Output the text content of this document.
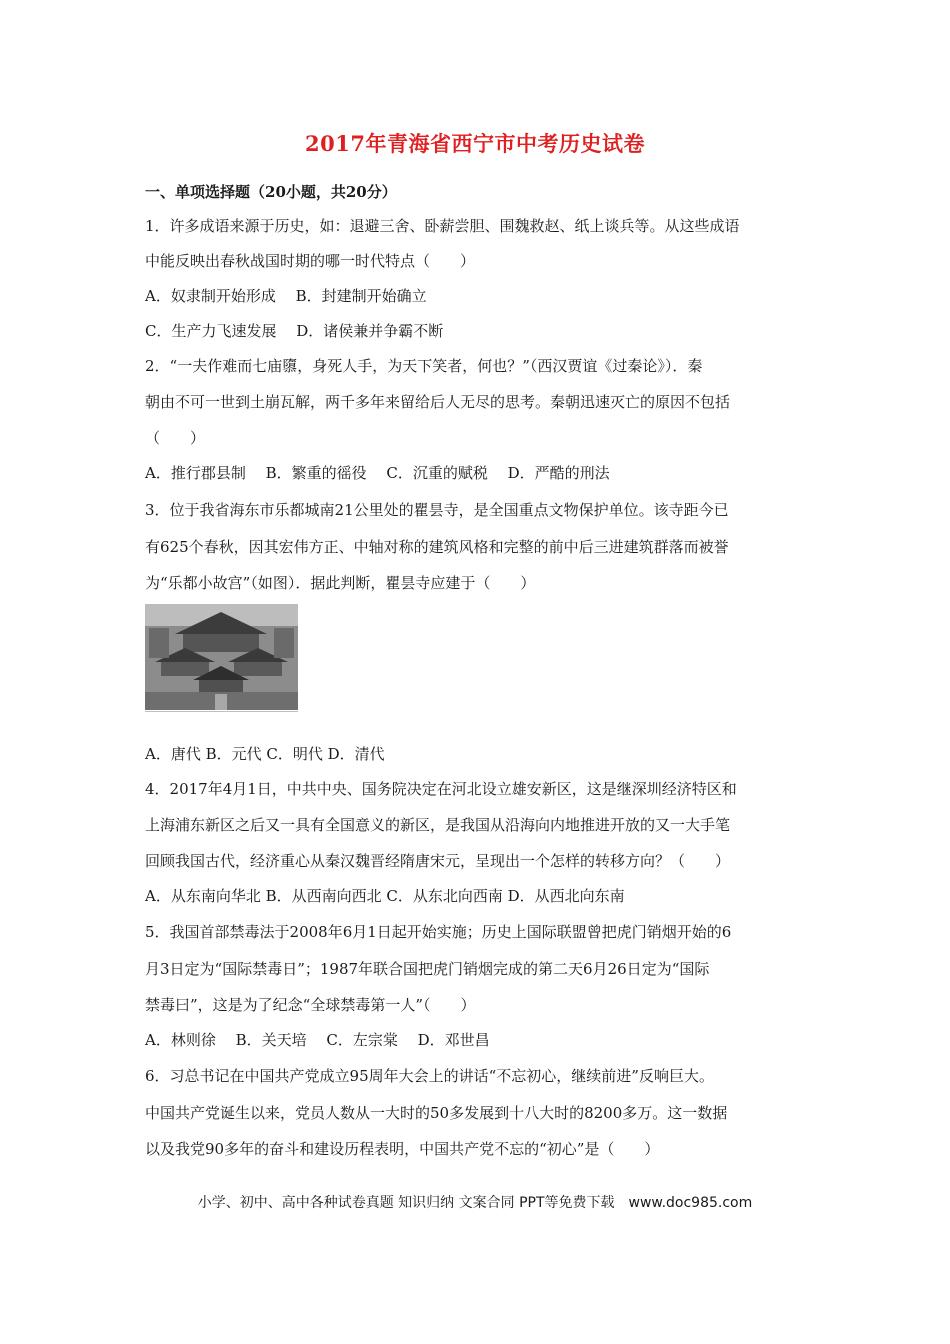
2017年青海省西宁市中考历史试卷
一、单项选择题（20小题，共20分）
1．许多成语来源于历史，如：退避三舍、卧薪尝胆、围魏救赵、纸上谈兵等。从这些成语
中能反映出春秋战国时期的哪一时代特点（　　）
A．奴隶制开始形成　 B．封建制开始确立
C．生产力飞速发展　 D．诸侯兼并争霸不断
2．“一夫作难而七庙隳，身死人手，为天下笑者，何也？”（西汉贾谊《过秦论》）．秦
朝由不可一世到土崩瓦解，两千多年来留给后人无尽的思考。秦朝迅速灭亡的原因不包括
（　　）
A．推行郡县制　 B．繁重的徭役　 C．沉重的赋税　 D．严酷的刑法
3．位于我省海东市乐都城南21公里处的瞿昙寺，是全国重点文物保护单位。该寺距今已
有625个春秋，因其宏伟方正、中轴对称的建筑风格和完整的前中后三进建筑群落而被誉
为“乐都小故宫”（如图）．据此判断，瞿昙寺应建于（　　）
A．唐代 B．元代 C．明代 D．清代
4．2017年4月1日，中共中央、国务院决定在河北设立雄安新区，这是继深圳经济特区和
上海浦东新区之后又一具有全国意义的新区，是我国从沿海向内地推进开放的又一大手笔
回顾我国古代，经济重心从秦汉魏晋经隋唐宋元，呈现出一个怎样的转移方向？（　　）
A．从东南向华北 B．从西南向西北 C．从东北向西南 D．从西北向东南
5．我国首部禁毒法于2008年6月1日起开始实施；历史上国际联盟曾把虎门销烟开始的6
月3日定为“国际禁毒日”；1987年联合国把虎门销烟完成的第二天6月26日定为“国际
禁毒曰”，这是为了纪念“全球禁毒第一人”（　　）
A．林则徐　 B．关天培　 C．左宗棠　 D．邓世昌
6．习总书记在中国共产党成立95周年大会上的讲话“不忘初心，继续前进”反响巨大。
中国共产党诞生以来，党员人数从一大时的50多发展到十八大时的8200多万。这一数据
以及我党90多年的奋斗和建设历程表明，中国共产党不忘的“初心”是（　　）
小学、初中、高中各种试卷真题 知识归纳 文案合同 PPT等免费下载　www.doc985.com
